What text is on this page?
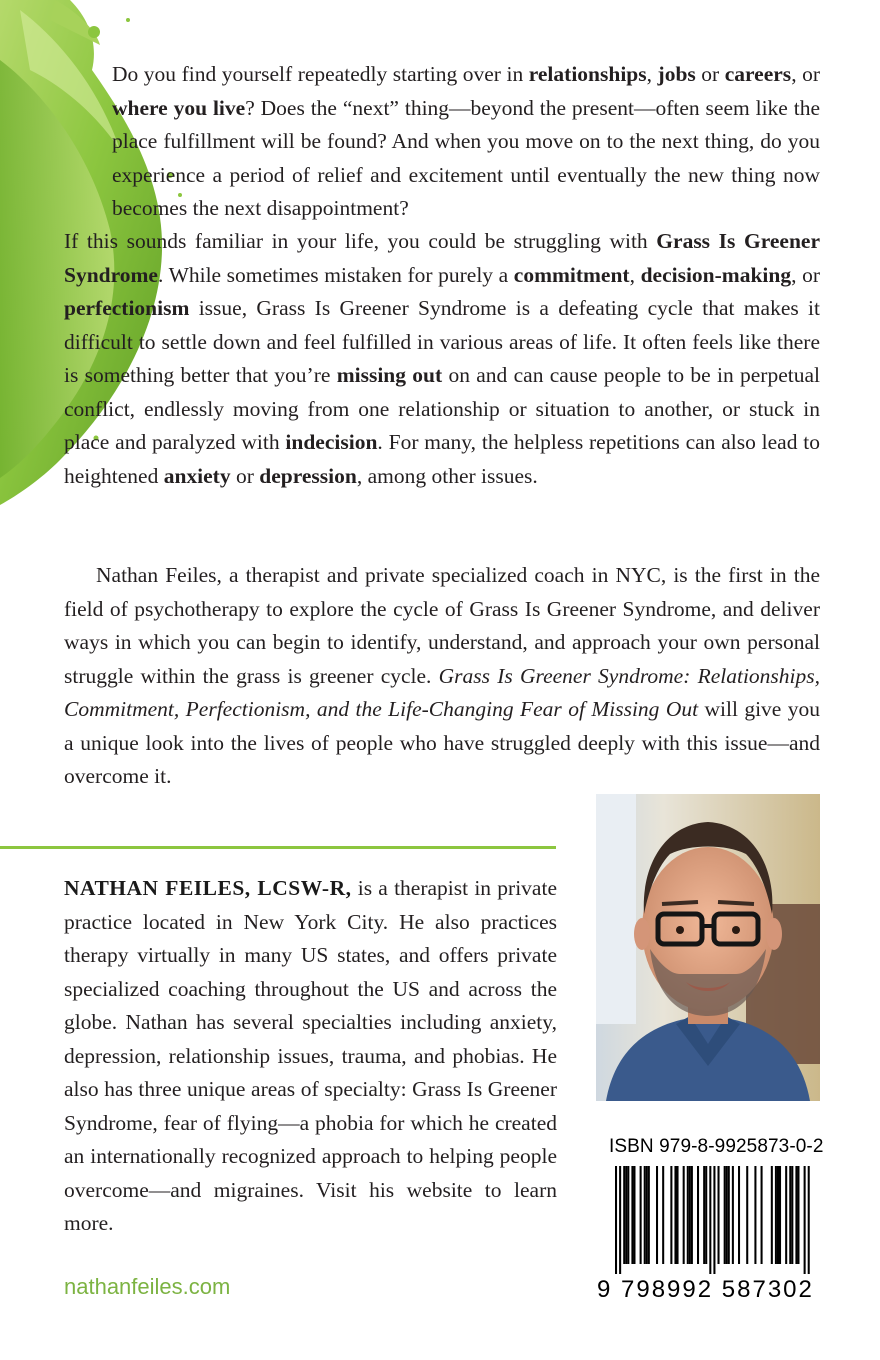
Do you find yourself repeatedly starting over in relationships, jobs or careers, or where you live? Does the “next” thing—beyond the present—often seem like the place fulfillment will be found? And when you move on to the next thing, do you experience a period of relief and excitement until eventually the new thing now becomes the next disappointment?

If this sounds familiar in your life, you could be struggling with Grass Is Greener Syndrome. While sometimes mistaken for purely a commitment, decision-making, or perfectionism issue, Grass Is Greener Syndrome is a defeating cycle that makes it difficult to settle down and feel fulfilled in various areas of life. It often feels like there is something better that you’re missing out on and can cause people to be in perpetual conflict, endlessly moving from one relationship or situation to another, or stuck in place and paralyzed with indecision. For many, the helpless repetitions can also lead to heightened anxiety or depression, among other issues.

Nathan Feiles, a therapist and private specialized coach in NYC, is the first in the field of psychotherapy to explore the cycle of Grass Is Greener Syndrome, and deliver ways in which you can begin to identify, understand, and approach your own personal struggle within the grass is greener cycle. Grass Is Greener Syndrome: Relationships, Commitment, Perfectionism, and the Life-Changing Fear of Missing Out will give you a unique look into the lives of people who have struggled deeply with this issue—and overcome it.

NATHAN FEILES, LCSW-R, is a therapist in private practice located in New York City. He also practices therapy virtually in many US states, and offers private specialized coaching throughout the US and across the globe. Nathan has several specialties including anxiety, depression, relationship issues, trauma, and phobias. He also has three unique areas of specialty: Grass Is Greener Syndrome, fear of flying—a phobia for which he created an internationally recognized approach to helping people overcome—and migraines. Visit his website to learn more.

nathanfeiles.com
ISBN 979-8-9925873-0-2
9 798992 587302
